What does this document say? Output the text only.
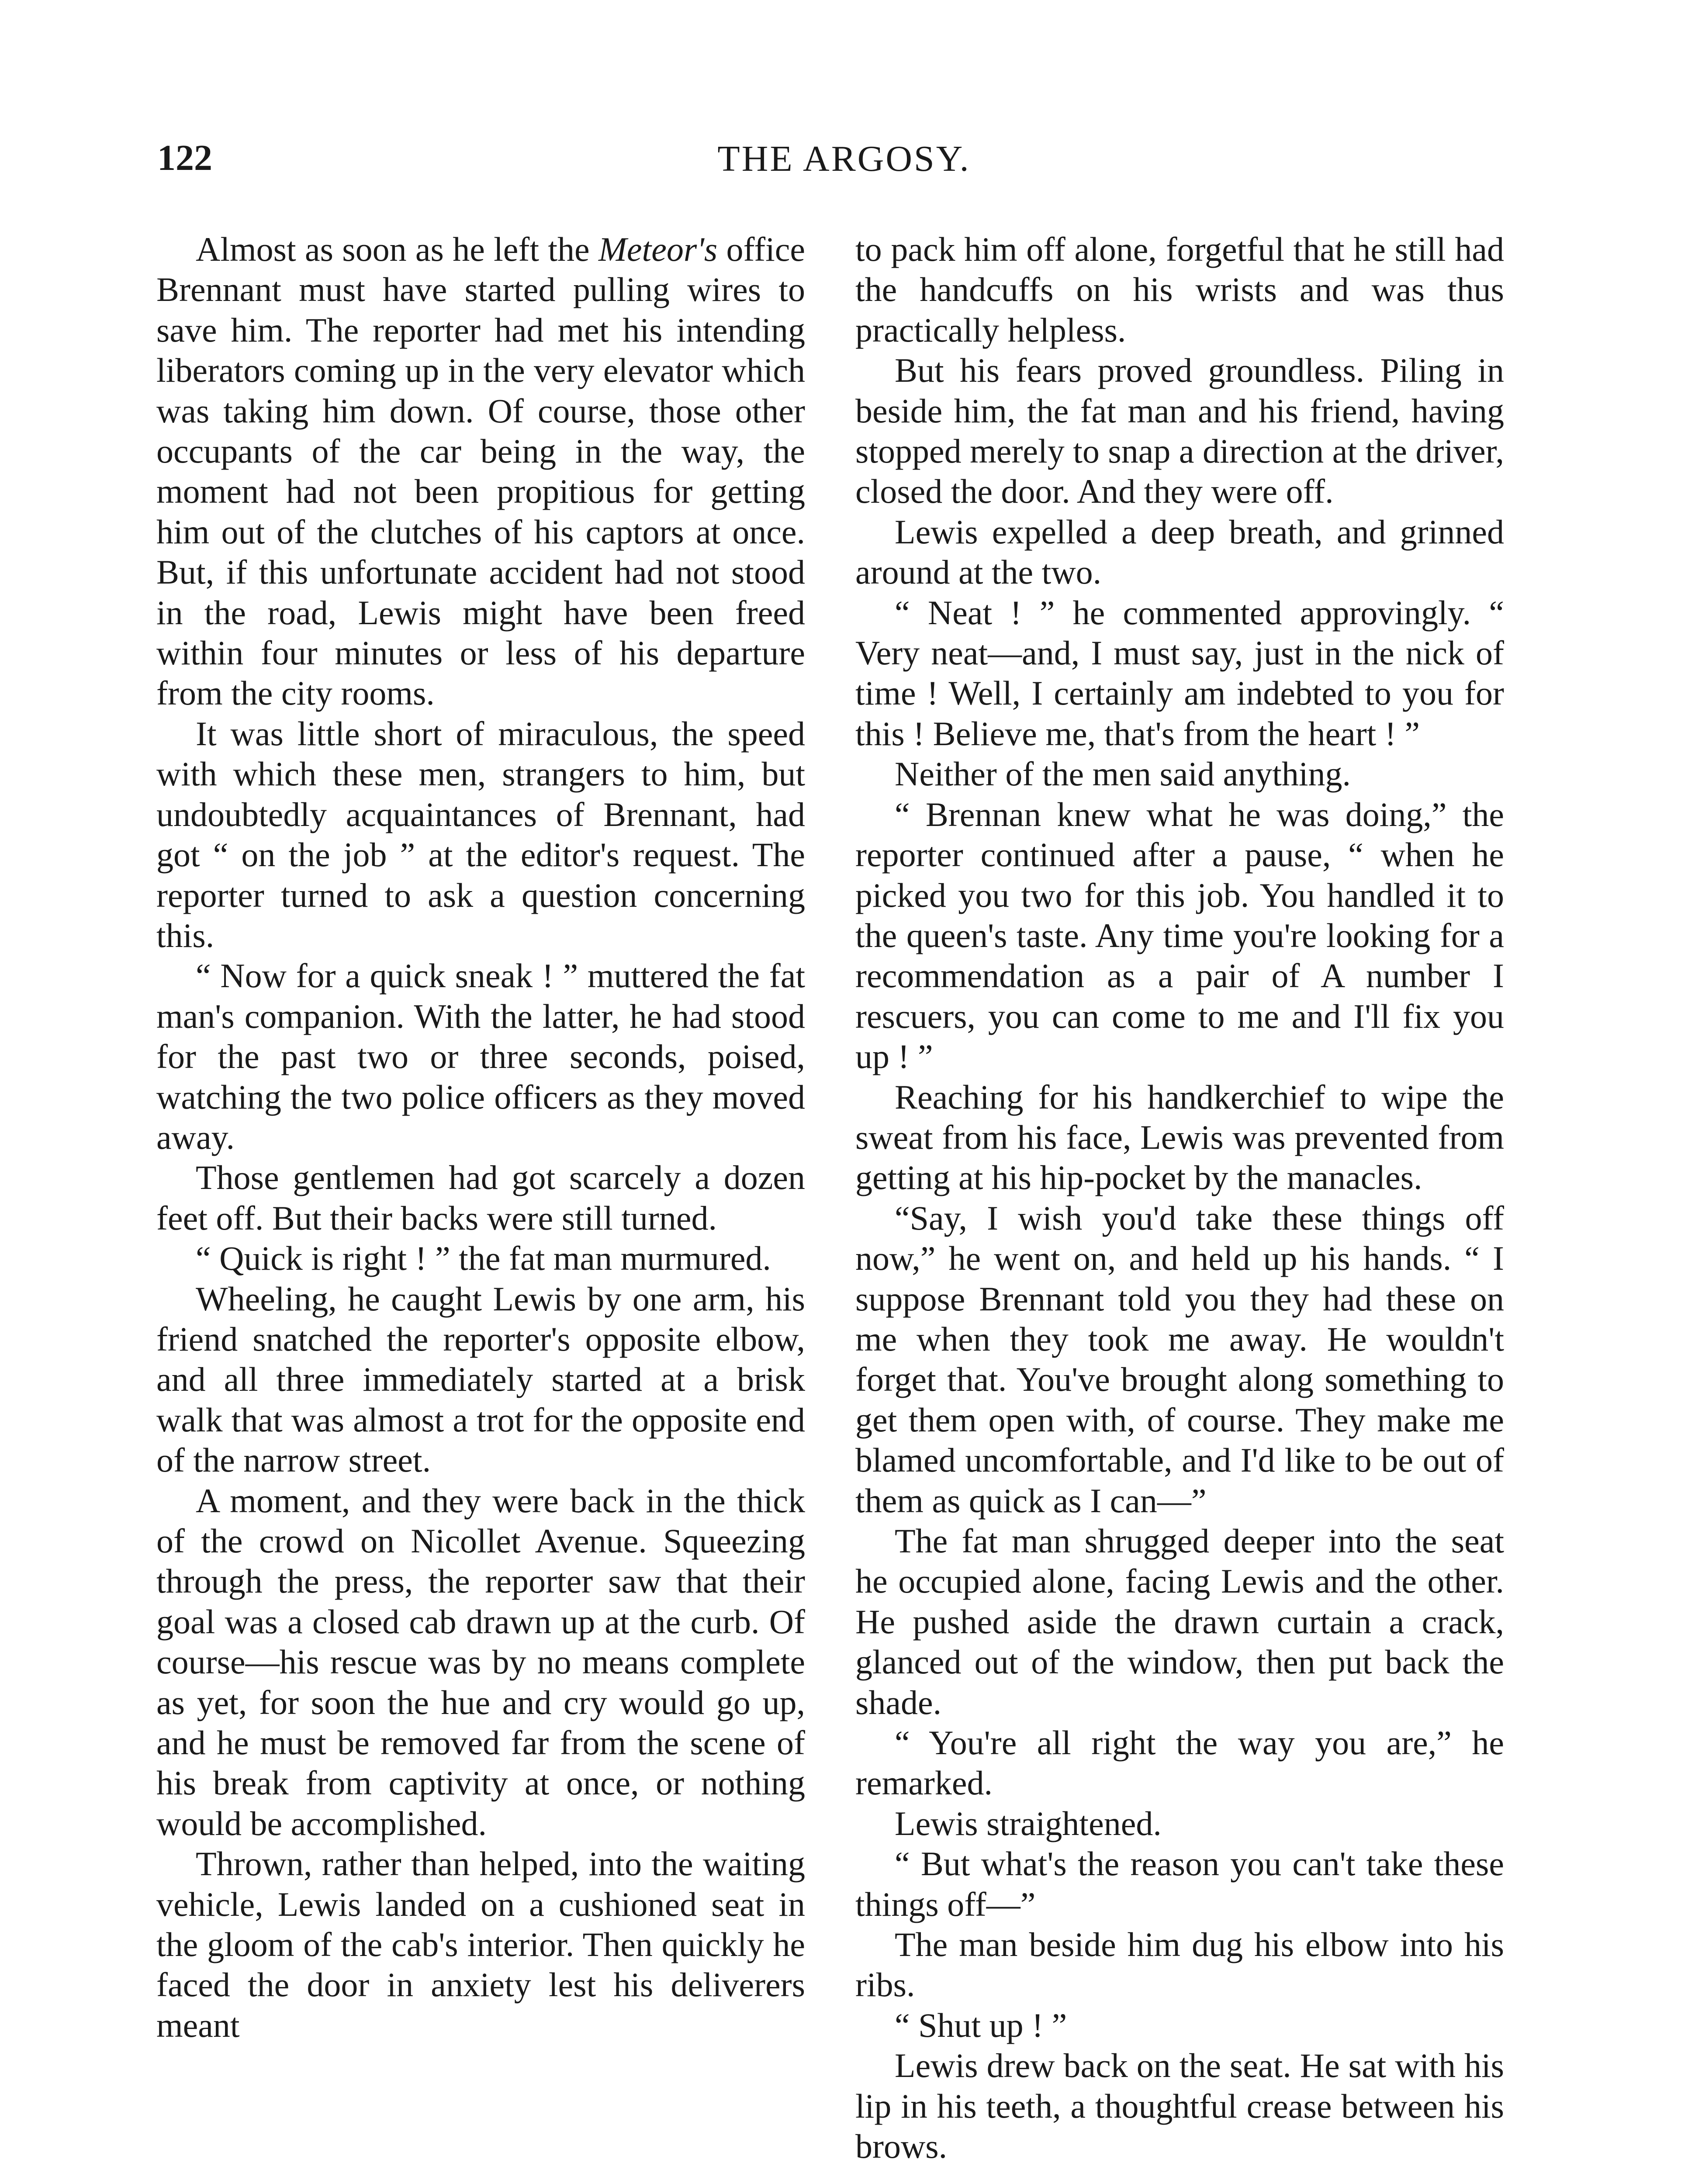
122	THE ARGOSY.

Almost as soon as he left the Meteor's office Brennant must have started pulling wires to save him. The reporter had met his intending liberators coming up in the very elevator which was taking him down. Of course, those other occupants of the car being in the way, the moment had not been propitious for getting him out of the clutches of his captors at once. But, if this unfortunate accident had not stood in the road, Lewis might have been freed within four minutes or less of his departure from the city rooms.

It was little short of miraculous, the speed with which these men, strangers to him, but undoubtedly acquaintances of Brennant, had got “ on the job ” at the editor's request. The reporter turned to ask a question concerning this.

“ Now for a quick sneak ! ” muttered the fat man's companion. With the latter, he had stood for the past two or three seconds, poised, watching the two police officers as they moved away.

Those gentlemen had got scarcely a dozen feet off. But their backs were still turned.

“ Quick is right ! ” the fat man murmured.

Wheeling, he caught Lewis by one arm, his friend snatched the reporter's opposite elbow, and all three immediately started at a brisk walk that was almost a trot for the opposite end of the narrow street.

A moment, and they were back in the thick of the crowd on Nicollet Avenue. Squeezing through the press, the reporter saw that their goal was a closed cab drawn up at the curb. Of course—his rescue was by no means complete as yet, for soon the hue and cry would go up, and he must be removed far from the scene of his break from captivity at once, or nothing would be accomplished.

Thrown, rather than helped, into the waiting vehicle, Lewis landed on a cushioned seat in the gloom of the cab's interior. Then quickly he faced the door in anxiety lest his deliverers meant

to pack him off alone, forgetful that he still had the handcuffs on his wrists and was thus practically helpless.

But his fears proved groundless. Piling in beside him, the fat man and his friend, having stopped merely to snap a direction at the driver, closed the door. And they were off.

Lewis expelled a deep breath, and grinned around at the two.

“ Neat ! ” he commented approvingly. “ Very neat—and, I must say, just in the nick of time ! Well, I certainly am indebted to you for this ! Believe me, that's from the heart ! ”

Neither of the men said anything.

“ Brennan knew what he was doing,” the reporter continued after a pause, “ when he picked you two for this job. You handled it to the queen's taste. Any time you're looking for a recommendation as a pair of A number I rescuers, you can come to me and I'll fix you up ! ”

Reaching for his handkerchief to wipe the sweat from his face, Lewis was prevented from getting at his hip-pocket by the manacles.

“Say, I wish you'd take these things off now,” he went on, and held up his hands. “ I suppose Brennant told you they had these on me when they took me away. He wouldn't forget that. You've brought along something to get them open with, of course. They make me blamed uncomfortable, and I'd like to be out of them as quick as I can—”

The fat man shrugged deeper into the seat he occupied alone, facing Lewis and the other. He pushed aside the drawn curtain a crack, glanced out of the window, then put back the shade.

“ You're all right the way you are,” he remarked.

Lewis straightened.

“ But what's the reason you can't take these things off—”

The man beside him dug his elbow into his ribs.

“ Shut up ! ”

Lewis drew back on the seat. He sat with his lip in his teeth, a thoughtful crease between his brows.
